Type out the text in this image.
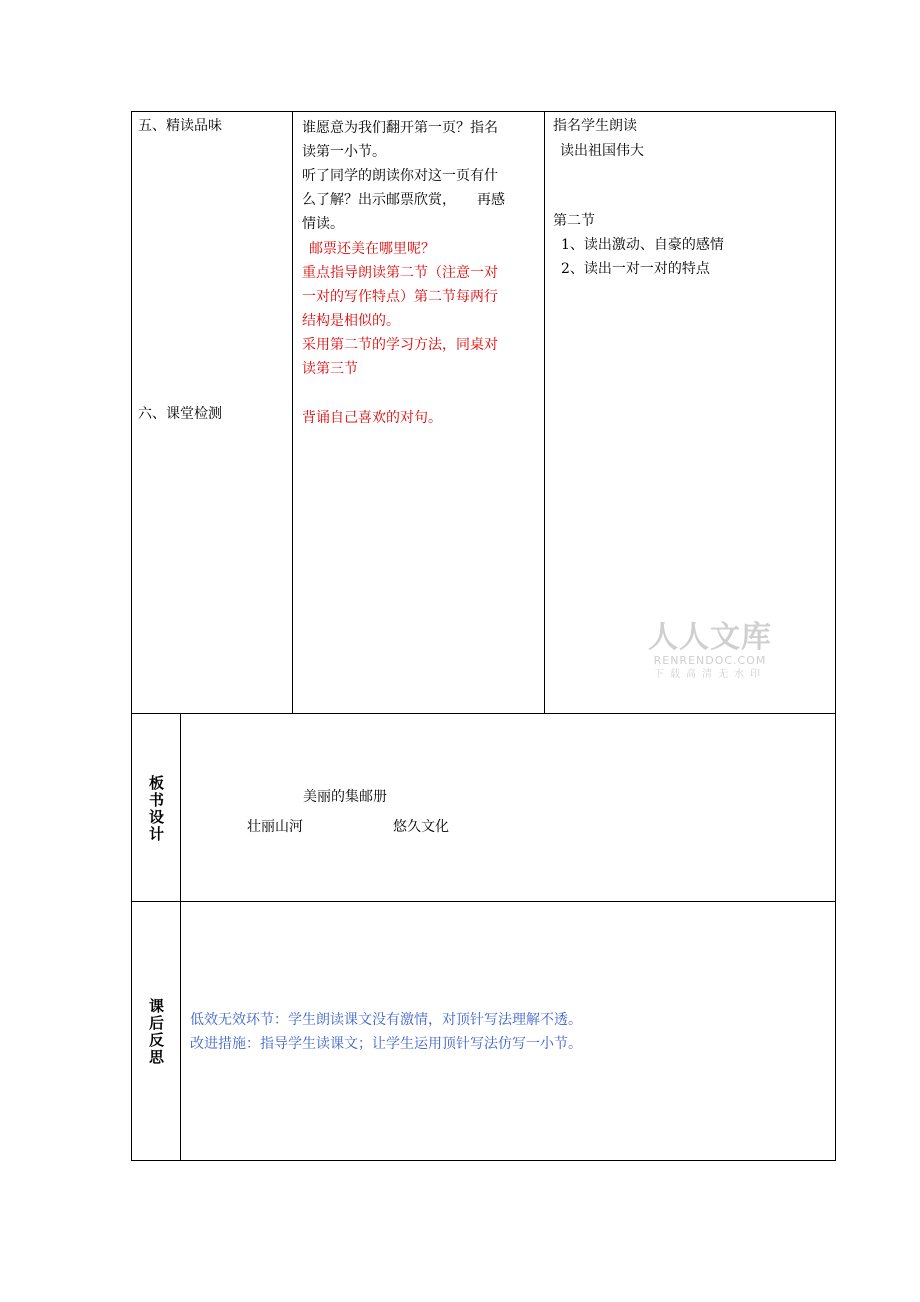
五、精读品味
六、课堂检测
谁愿意为我们翻开第一页？指名
读第一小节。
听了同学的朗读你对这一页有什
么了解？出示邮票欣赏，　　再感
情读。
邮票还美在哪里呢？
重点指导朗读第二节（注意一对
一对的写作特点）第二节每两行
结构是相似的。
采用第二节的学习方法，同桌对
读第三节
背诵自己喜欢的对句。
指名学生朗读
读出祖国伟大
第二节
1、读出激动、自豪的感情
2、读出一对一对的特点
人人文库
RENRENDOC.COM
下载高清无水印
板书设计	美丽的集邮册
壮丽山河	悠久文化
课后反思 低效无效环节：学生朗读课文没有激情，对顶针写法理解不透。
改进措施：指导学生读课文；让学生运用顶针写法仿写一小节。
